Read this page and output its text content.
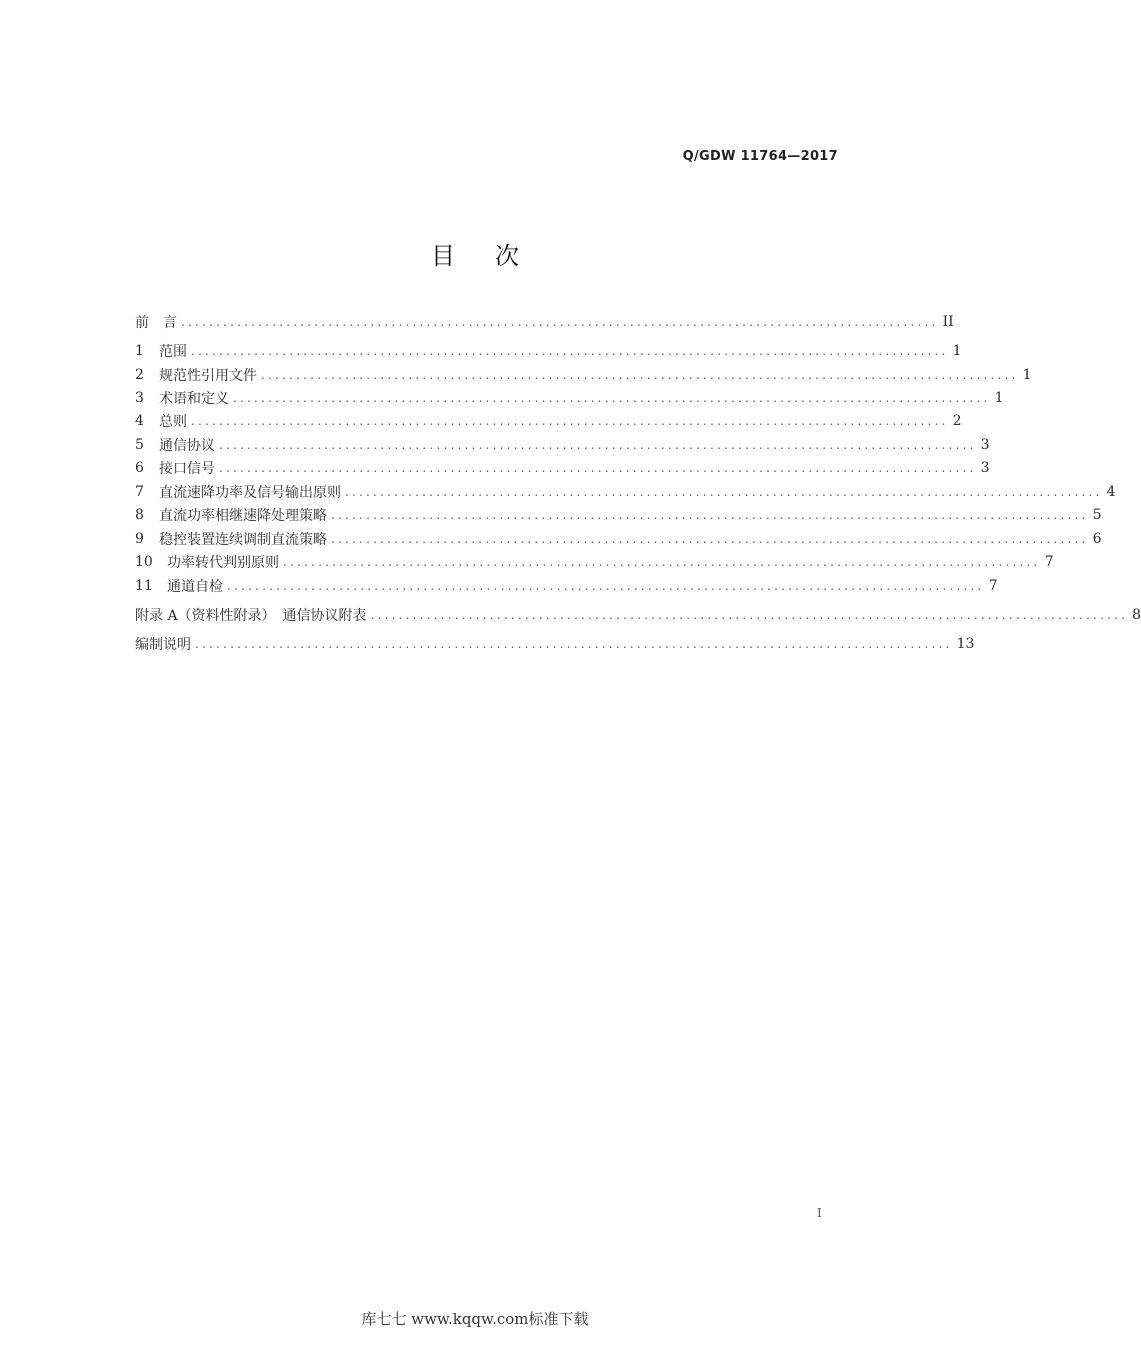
Q/GDW 11764—2017
目次
前　言 ............................................................................................................ II
1	范围 ............................................................................................................ 1
2	规范性引用文件 ............................................................................................................ 1
3	术语和定义 ............................................................................................................ 1
4	总则 ............................................................................................................ 2
5	通信协议 ............................................................................................................ 3
6	接口信号 ............................................................................................................ 3
7	直流速降功率及信号输出原则 ............................................................................................................ 4
8	直流功率相继速降处理策略 ............................................................................................................ 5
9	稳控装置连续调制直流策略 ............................................................................................................ 6
10	功率转代判别原则 ............................................................................................................ 7
11	通道自检 ............................................................................................................ 7
附录 A（资料性附录）　通信协议附表 ............................................................................................................ 8
编制说明 ............................................................................................................ 13
I
库七七 www.kqqw.com标准下载
